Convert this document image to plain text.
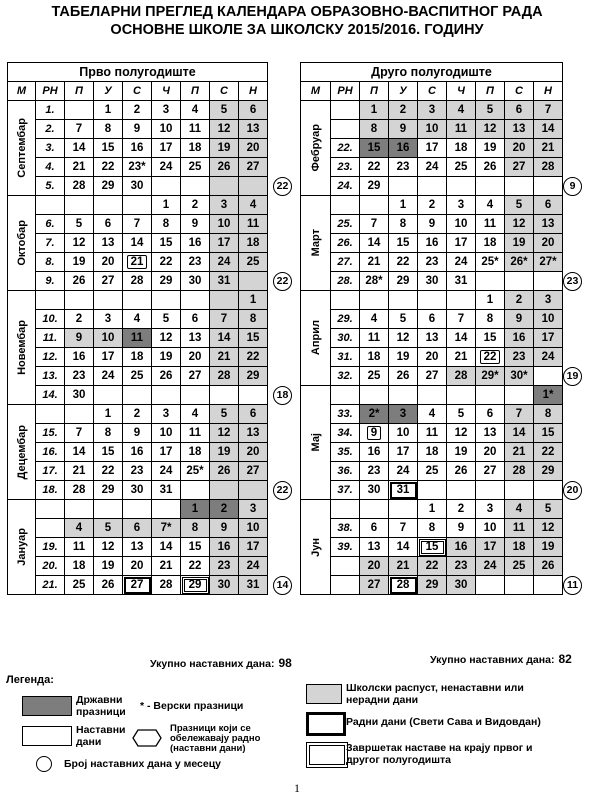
ТАБЕЛАРНИ ПРЕГЛЕД КАЛЕНДАРА ОБРАЗОВНО-ВАСПИТНОГ РАДА
ОСНОВНЕ ШКОЛЕ ЗА ШКОЛСКУ 2015/2016. ГОДИНУ
Прво полугодиште								
М	РН	П	У	С	Ч	П	С	Н

Септембар	1.		1	2	3	4	5	6
	2.	7	8	9	10	11	12	13
	3.	14	15	16	17	18	19	20
	4.	21	22	23*	24	25	26	27
	5.	28	29	30				

Октобар					1	2	3	4
	6.	5	6	7	8	9	10	11
	7.	12	13	14	15	16	17	18
	8.	19	20	21	22	23	24	25
	9.	26	27	28	29	30	31	

Новембар								1
	10.	2	3	4	5	6	7	8
	11.	9	10	11	12	13	14	15
	12.	16	17	18	19	20	21	22
	13.	23	24	25	26	27	28	29
	14.	30						

Децембар			1	2	3	4	5	6
	15.	7	8	9	10	11	12	13
	16.	14	15	16	17	18	19	20
	17.	21	22	23	24	25*	26	27
	18.	28	29	30	31			

Јануар						1	2	3
		4	5	6	7*	8	9	10
	19.	11	12	13	14	15	16	17
	20.	18	19	20	21	22	23	24
	21.	25	26	27	28	29	30	31
22
22
18
22
14
Друго полугодиште								
М	РН	П	У	С	Ч	П	С	Н

Фебруар		1	2	3	4	5	6	7
		8	9	10	11	12	13	14
	22.	15	16	17	18	19	20	21
	23.	22	23	24	25	26	27	28
	24.	29						

Март			1	2	3	4	5	6
	25.	7	8	9	10	11	12	13
	26.	14	15	16	17	18	19	20
	27.	21	22	23	24	25*	26*	27*
	28.	28*	29	30	31			

Април						1	2	3
	29.	4	5	6	7	8	9	10
	30.	11	12	13	14	15	16	17
	31.	18	19	20	21	22	23	24
	32.	25	26	27	28	29*	30*	

Мај								1*
	33.	2*	3	4	5	6	7	8
	34.	9	10	11	12	13	14	15
	35.	16	17	18	19	20	21	22
	36.	23	24	25	26	27	28	29
	37.	30	31					

Јун				1	2	3	4	5
	38.	6	7	8	9	10	11	12
	39.	13	14	15	16	17	18	19
		20	21	22	23	24	25	26
		27	28	29	30			
9
23
19
20
11
Укупно наставних дана: 98	Укупно наставних дана: 82
Легенда:
Државни празници
Наставни дани
Број наставних дана у месецу
* - Верски празници
Празници који се обележавају радно (наставни дани)
Школски распуст, ненаставни или нерадни дани
Радни дани (Свети Сава и Видовдан)
Завршетак наставе на крају првог и другог полугодишта
1
